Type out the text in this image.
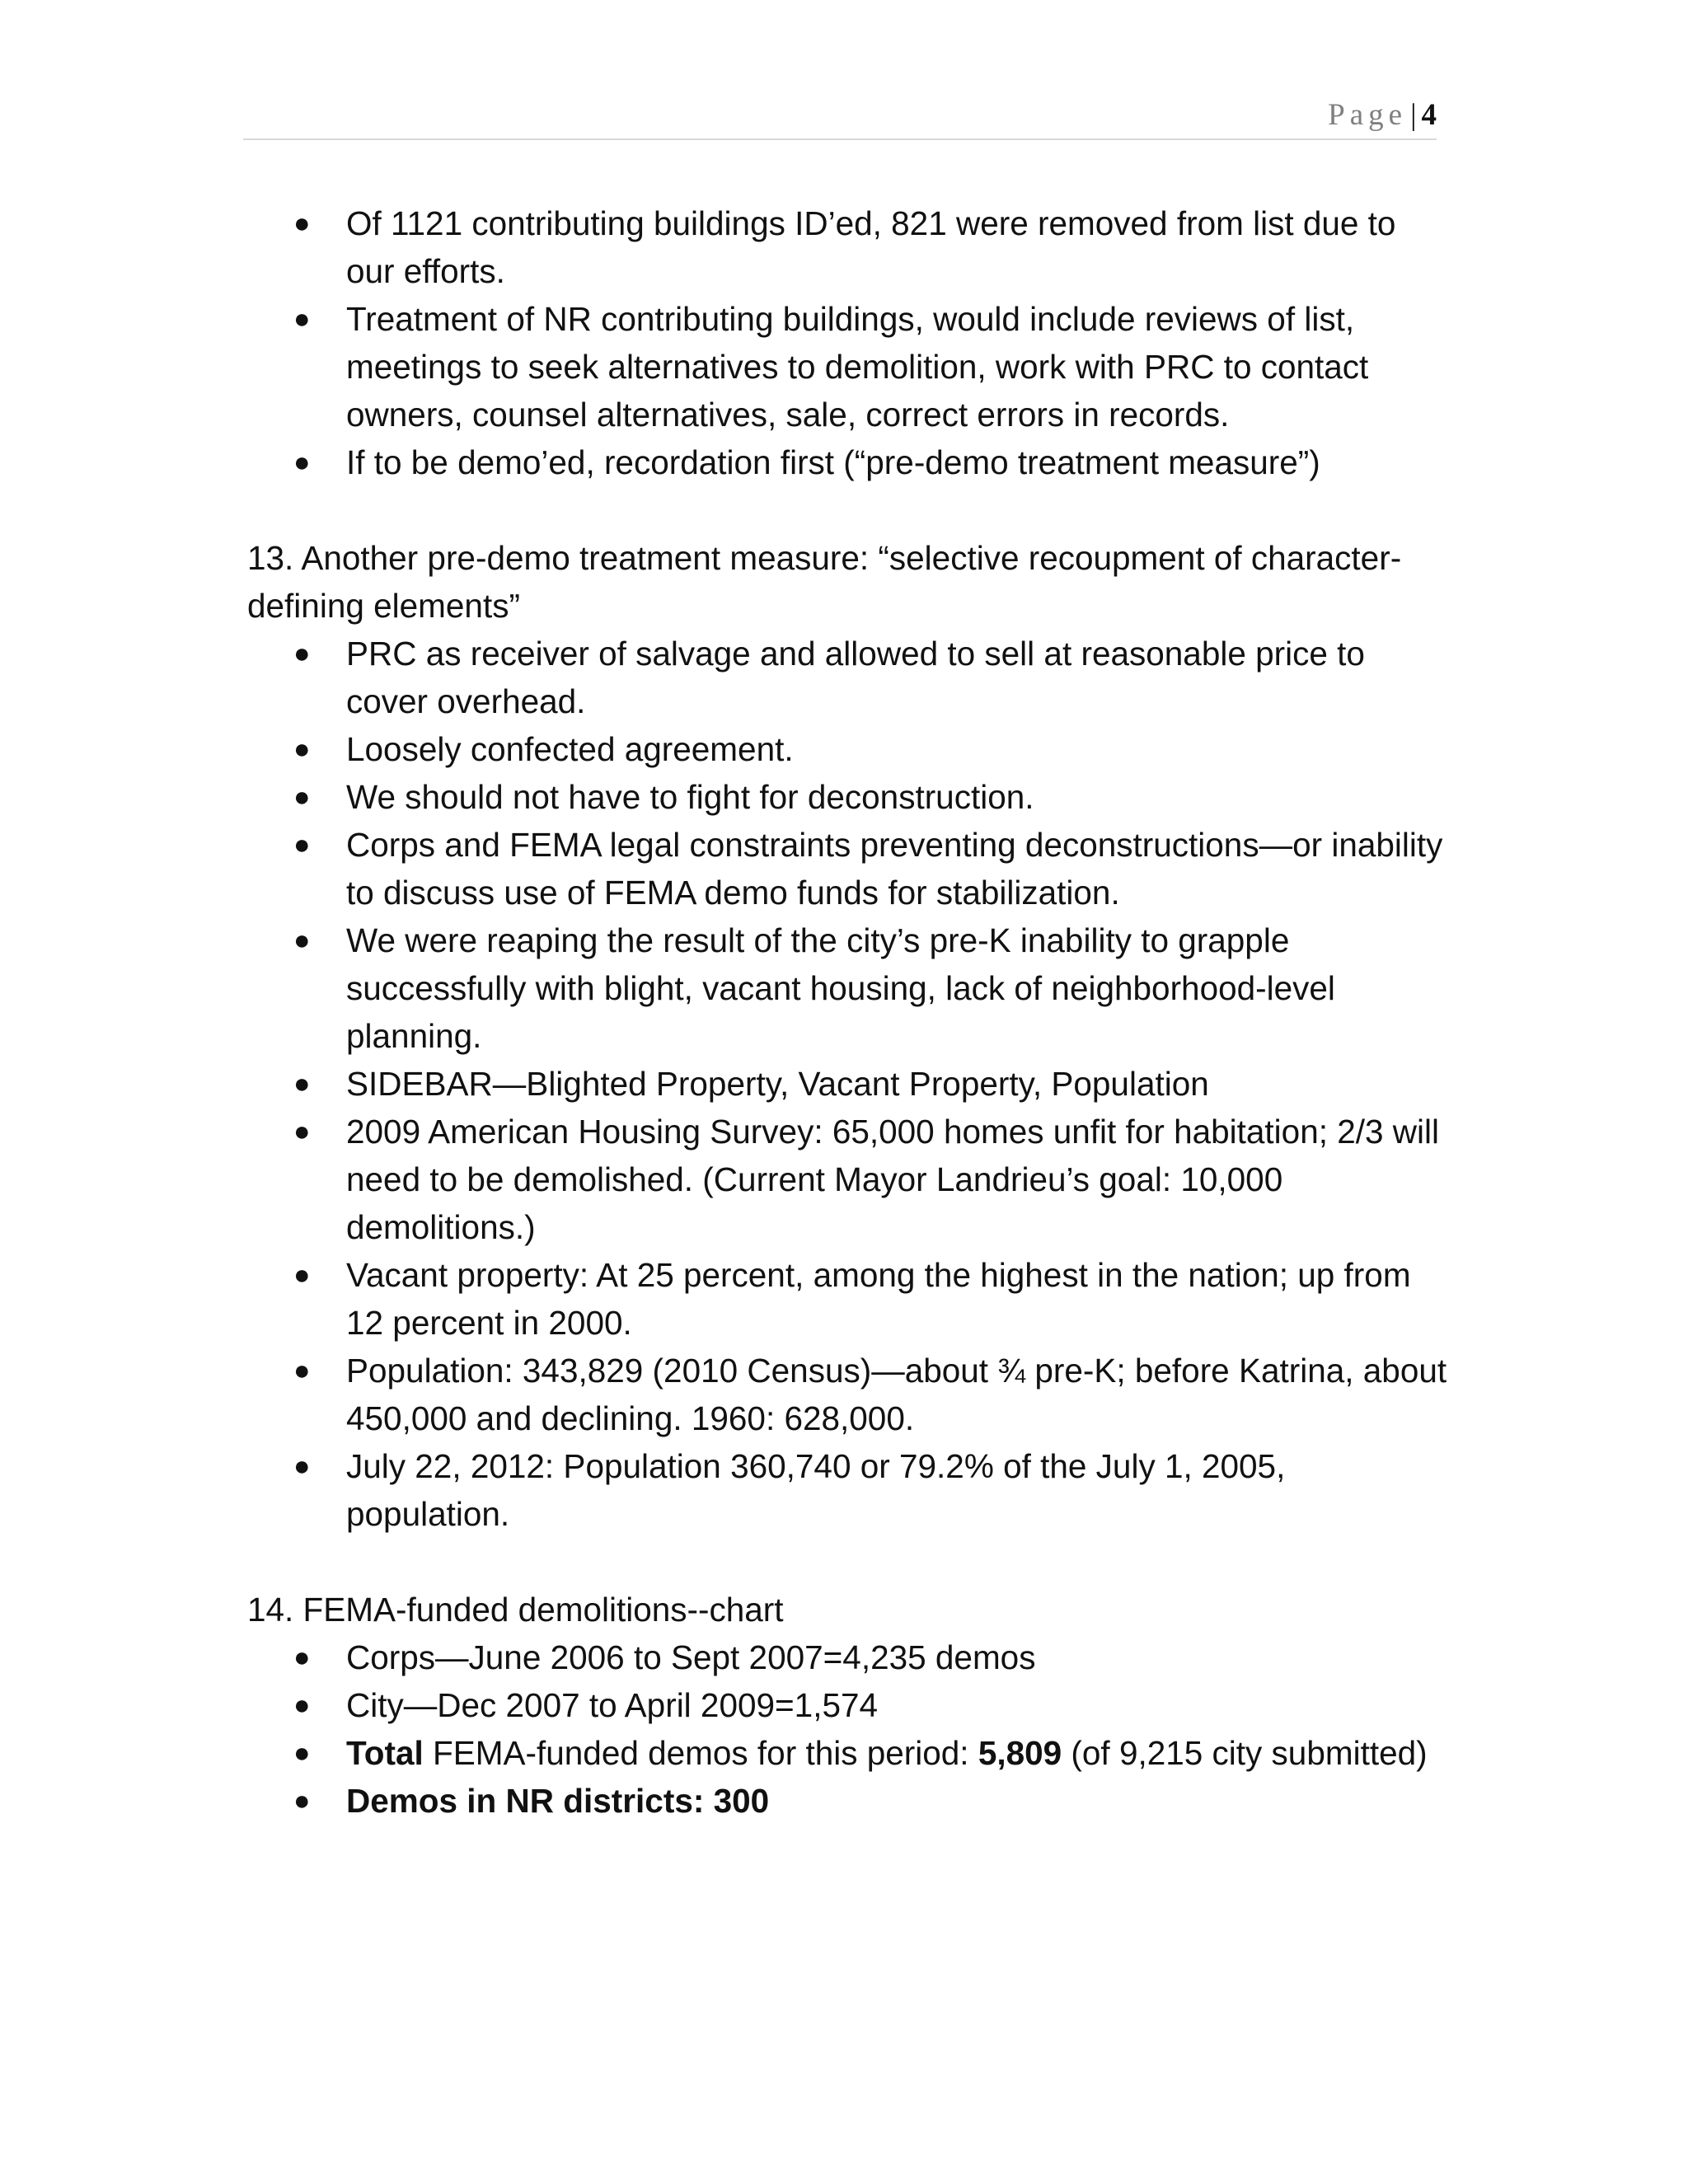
Page | 4
● Of 1121 contributing buildings ID’ed, 821 were removed from list due to our efforts.
● Treatment of NR contributing buildings, would include reviews of list, meetings to seek alternatives to demolition, work with PRC to contact owners, counsel alternatives, sale, correct errors in records.
● If to be demo’ed, recordation first (“pre-demo treatment measure”)

13. Another pre-demo treatment measure: “selective recoupment of character-defining elements”

● PRC as receiver of salvage and allowed to sell at reasonable price to cover overhead.
● Loosely confected agreement.
● We should not have to fight for deconstruction.
● Corps and FEMA legal constraints preventing deconstructions—or inability to discuss use of FEMA demo funds for stabilization.
● We were reaping the result of the city’s pre-K inability to grapple successfully with blight, vacant housing, lack of neighborhood-level planning.
● SIDEBAR—Blighted Property, Vacant Property, Population
● 2009 American Housing Survey: 65,000 homes unfit for habitation; 2/3 will need to be demolished. (Current Mayor Landrieu’s goal: 10,000 demolitions.)
● Vacant property: At 25 percent, among the highest in the nation; up from 12 percent in 2000.
● Population: 343,829 (2010 Census)—about ¾ pre-K; before Katrina, about 450,000 and declining. 1960: 628,000.
● July 22, 2012: Population 360,740 or 79.2% of the July 1, 2005, population.

14. FEMA-funded demolitions--chart

● Corps—June 2006 to Sept 2007=4,235 demos
● City—Dec 2007 to April 2009=1,574
● Total FEMA-funded demos for this period: 5,809 (of 9,215 city submitted)
● Demos in NR districts: 300
